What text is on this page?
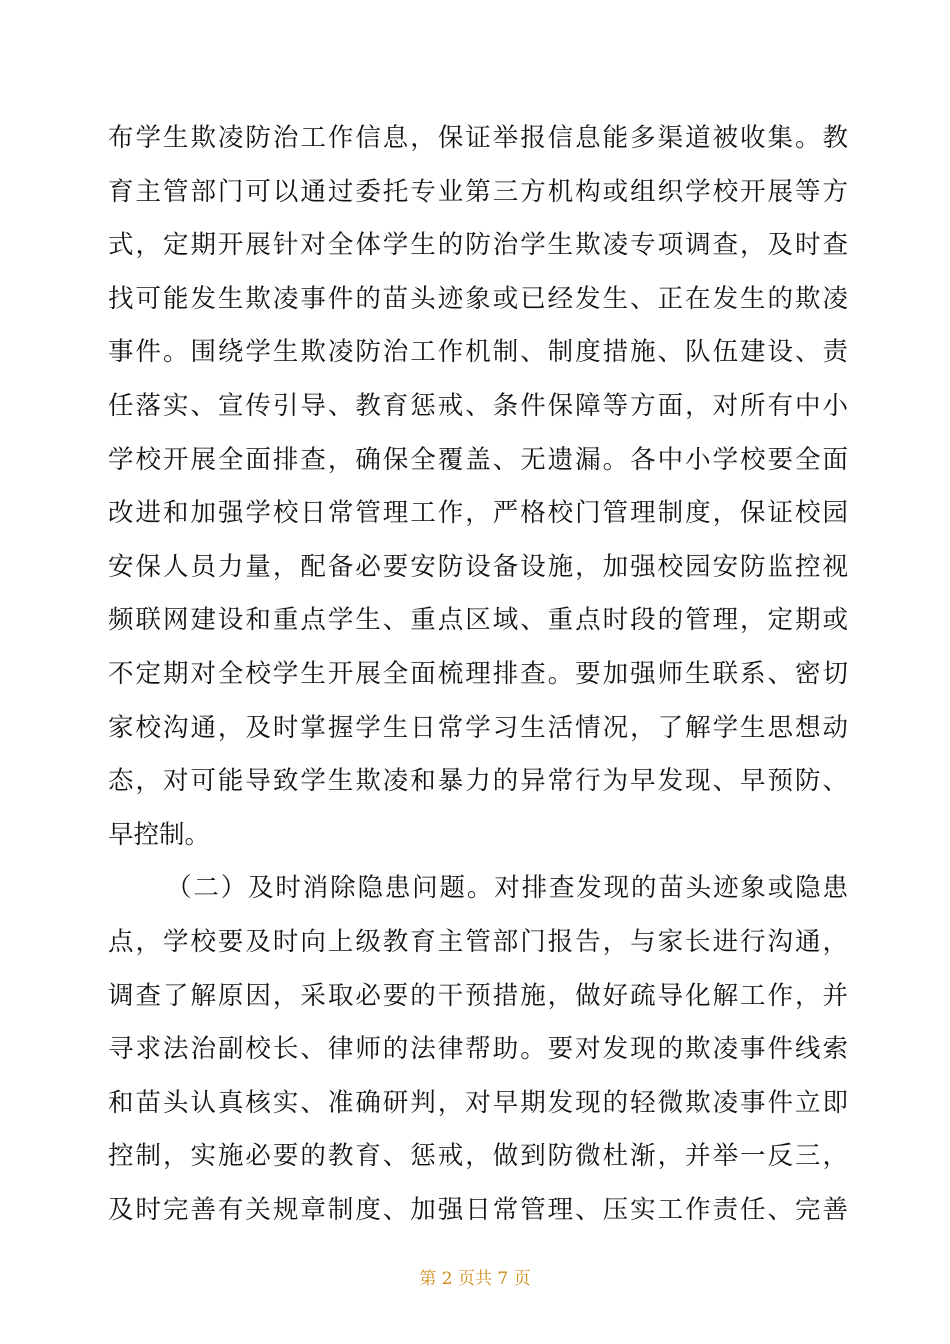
布学生欺凌防治工作信息，保证举报信息能多渠道被收集。教
育主管部门可以通过委托专业第三方机构或组织学校开展等方
式，定期开展针对全体学生的防治学生欺凌专项调查，及时查
找可能发生欺凌事件的苗头迹象或已经发生、正在发生的欺凌
事件。围绕学生欺凌防治工作机制、制度措施、队伍建设、责
任落实、宣传引导、教育惩戒、条件保障等方面，对所有中小
学校开展全面排查，确保全覆盖、无遗漏。各中小学校要全面
改进和加强学校日常管理工作，严格校门管理制度，保证校园
安保人员力量，配备必要安防设备设施，加强校园安防监控视
频联网建设和重点学生、重点区域、重点时段的管理，定期或
不定期对全校学生开展全面梳理排查。要加强师生联系、密切
家校沟通，及时掌握学生日常学习生活情况，了解学生思想动
态，对可能导致学生欺凌和暴力的异常行为早发现、早预防、
早控制。
（二）及时消除隐患问题。对排查发现的苗头迹象或隐患
点，学校要及时向上级教育主管部门报告，与家长进行沟通，
调查了解原因，采取必要的干预措施，做好疏导化解工作，并
寻求法治副校长、律师的法律帮助。要对发现的欺凌事件线索
和苗头认真核实、准确研判，对早期发现的轻微欺凌事件立即
控制，实施必要的教育、惩戒，做到防微杜渐，并举一反三，
及时完善有关规章制度、加强日常管理、压实工作责任、完善
第 2 页共 7 页
